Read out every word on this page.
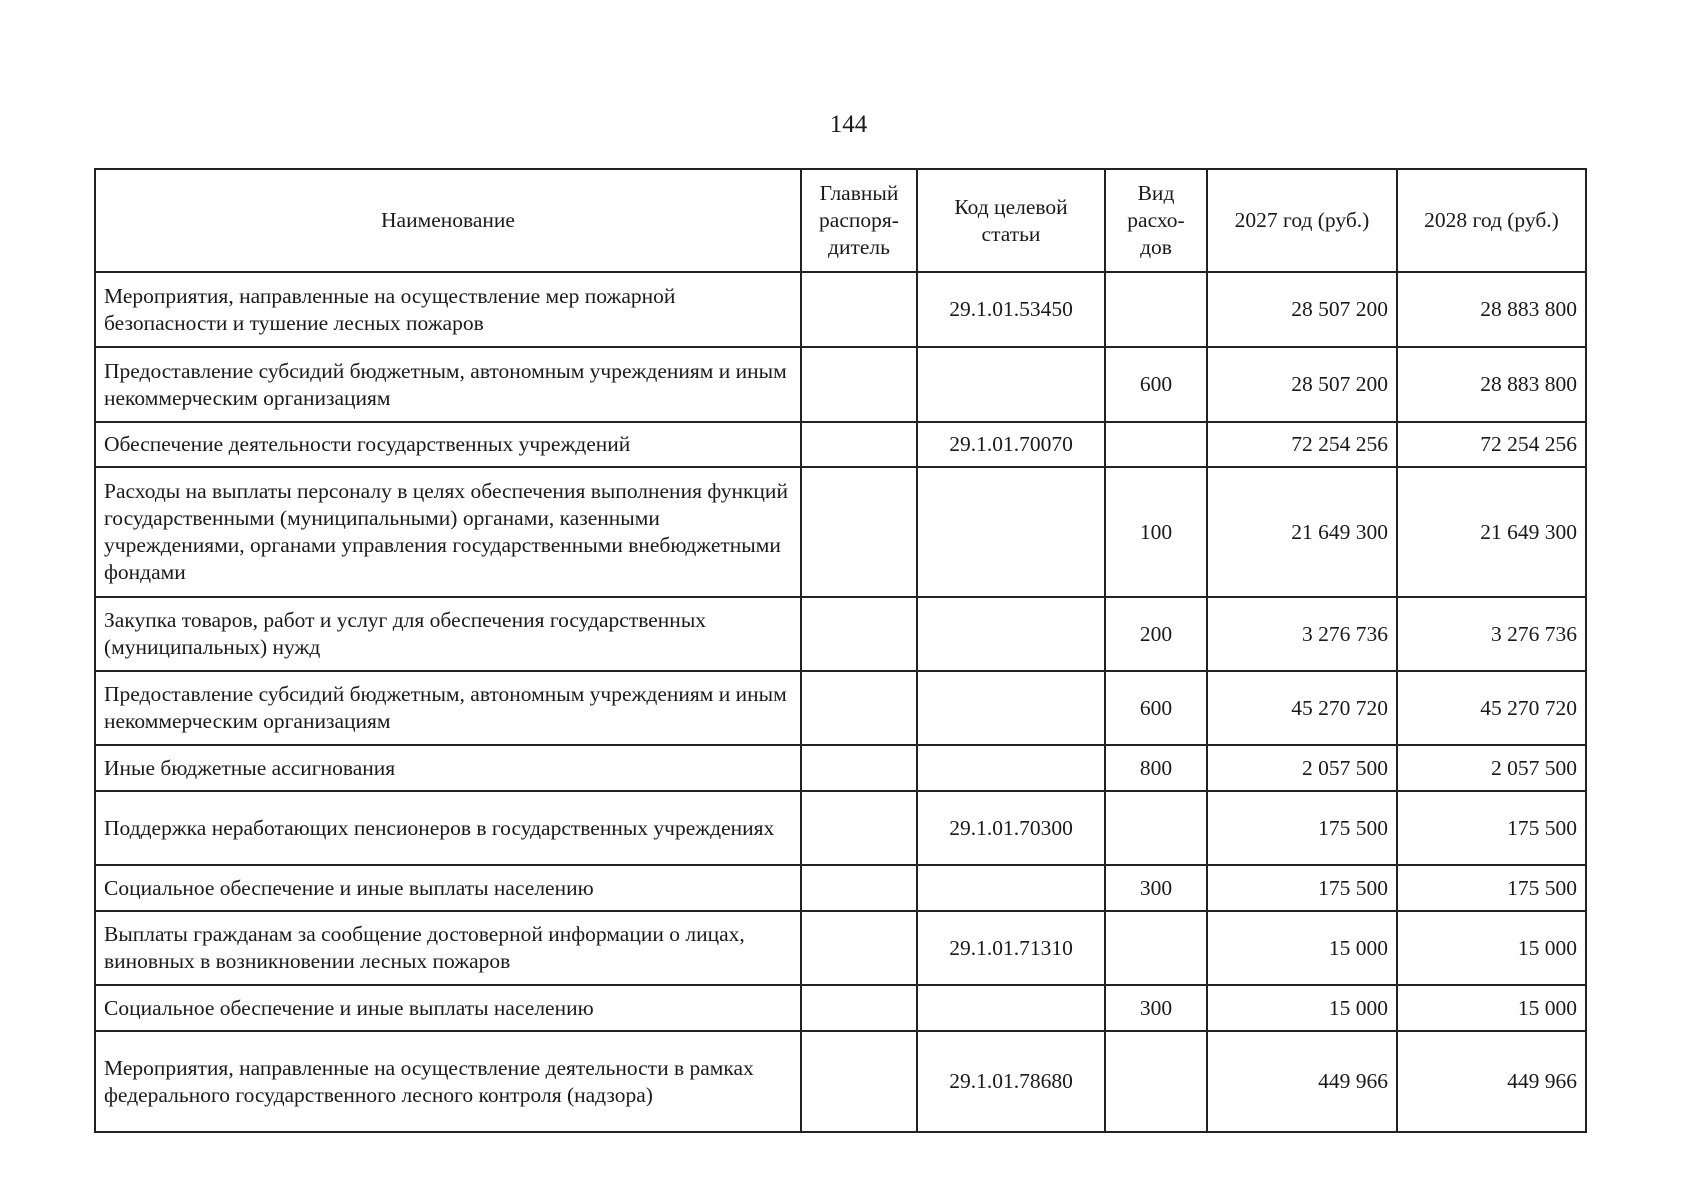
144
Наименование	Главный распоря-дитель	Код целевой статьи	Вид расхо-дов	2027 год (руб.)	2028 год (руб.)
Мероприятия, направленные на осуществление мер пожарной безопасности и тушение лесных пожаров		29.1.01.53450		28 507 200	28 883 800
Предоставление субсидий бюджетным, автономным учреждениям и иным некоммерческим организациям			600	28 507 200	28 883 800
Обеспечение деятельности государственных учреждений		29.1.01.70070		72 254 256	72 254 256
Расходы на выплаты персоналу в целях обеспечения выполнения функций государственными (муниципальными) органами, казенными учреждениями, органами управления государственными внебюджетными фондами			100	21 649 300	21 649 300
Закупка товаров, работ и услуг для обеспечения государственных (муниципальных) нужд			200	3 276 736	3 276 736
Предоставление субсидий бюджетным, автономным учреждениям и иным некоммерческим организациям			600	45 270 720	45 270 720
Иные бюджетные ассигнования			800	2 057 500	2 057 500
Поддержка неработающих пенсионеров в государственных учреждениях		29.1.01.70300		175 500	175 500
Социальное обеспечение и иные выплаты населению			300	175 500	175 500
Выплаты гражданам за сообщение достоверной информации о лицах, виновных в возникновении лесных пожаров		29.1.01.71310		15 000	15 000
Социальное обеспечение и иные выплаты населению			300	15 000	15 000
Мероприятия, направленные на осуществление деятельности в рамках федерального государственного лесного контроля (надзора)		29.1.01.78680		449 966	449 966
